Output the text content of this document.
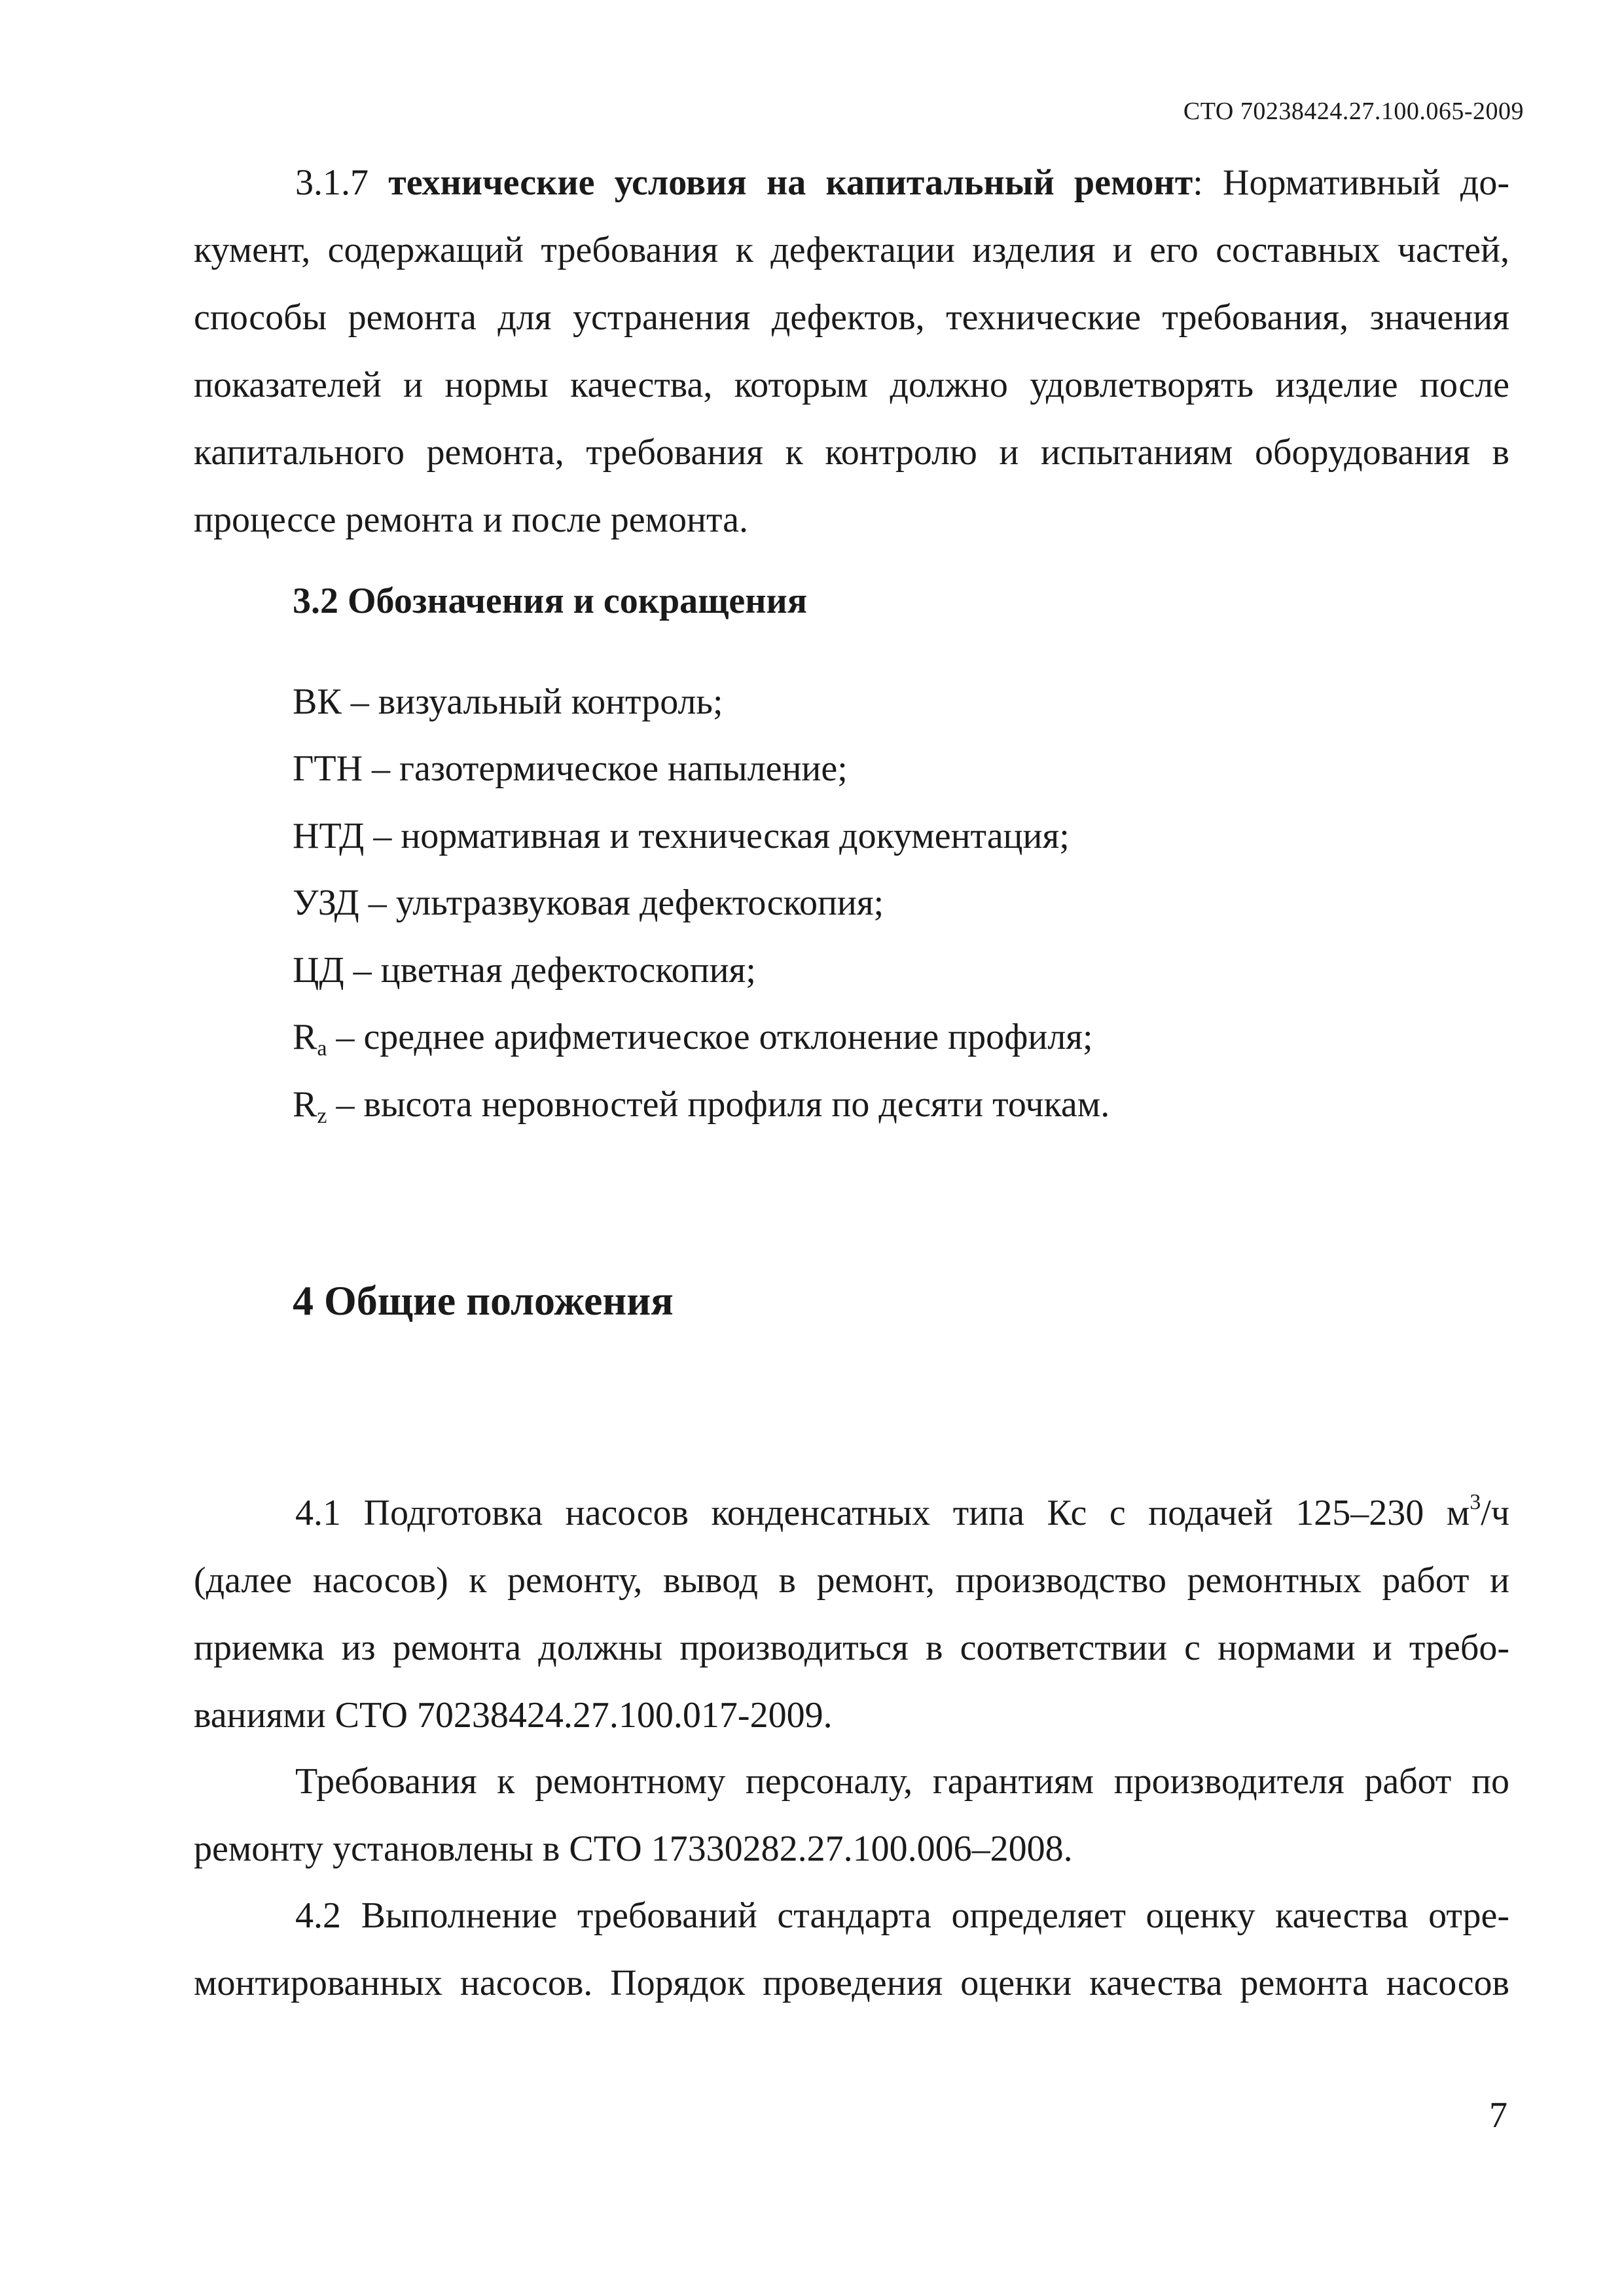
СТО 70238424.27.100.065-2009
3.1.7 технические условия на капитальный ремонт: Нормативный до-
кумент, содержащий требования к дефектации изделия и его составных частей,
способы ремонта для устранения дефектов, технические требования, значения
показателей и нормы качества, которым должно удовлетворять изделие после
капитального ремонта, требования к контролю и испытаниям оборудования в
процессе ремонта и после ремонта.
3.2 Обозначения и сокращения
ВК – визуальный контроль;
ГТН – газотермическое напыление;
НТД – нормативная и техническая документация;
УЗД – ультразвуковая дефектоскопия;
ЦД – цветная дефектоскопия;
$R_a$ – среднее арифметическое отклонение профиля;
$R_z$ – высота неровностей профиля по десяти точкам.
4 Общие положения
4.1 Подготовка насосов конденсатных типа Кс с подачей 125–230 $м^3/ч$
(далее насосов) к ремонту, вывод в ремонт, производство ремонтных работ и
приемка из ремонта должны производиться в соответствии с нормами и требо-
ваниями СТО 70238424.27.100.017-2009.
Требования к ремонтному персоналу, гарантиям производителя работ по
ремонту установлены в СТО 17330282.27.100.006–2008.
4.2 Выполнение требований стандарта определяет оценку качества отре-
монтированных насосов. Порядок проведения оценки качества ремонта насосов
7
